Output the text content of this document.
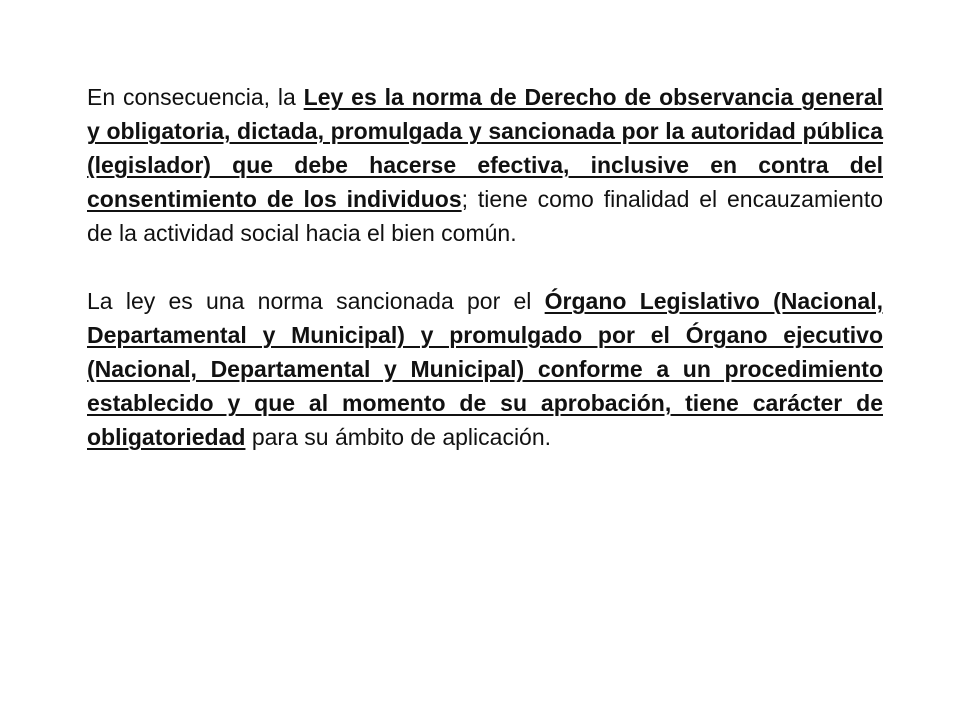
En consecuencia, la Ley es la norma de Derecho de observancia general y obligatoria, dictada, promulgada y sancionada por la autoridad pública (legislador) que debe hacerse efectiva, inclusive en contra del consentimiento de los individuos; tiene como finalidad el encauzamiento de la actividad social hacia el bien común.

La ley es una norma sancionada por el Órgano Legislativo (Nacional, Departamental y Municipal) y promulgado por el Órgano ejecutivo (Nacional, Departamental y Municipal) conforme a un procedimiento establecido y que al momento de su aprobación, tiene carácter de obligatoriedad para su ámbito de aplicación.
